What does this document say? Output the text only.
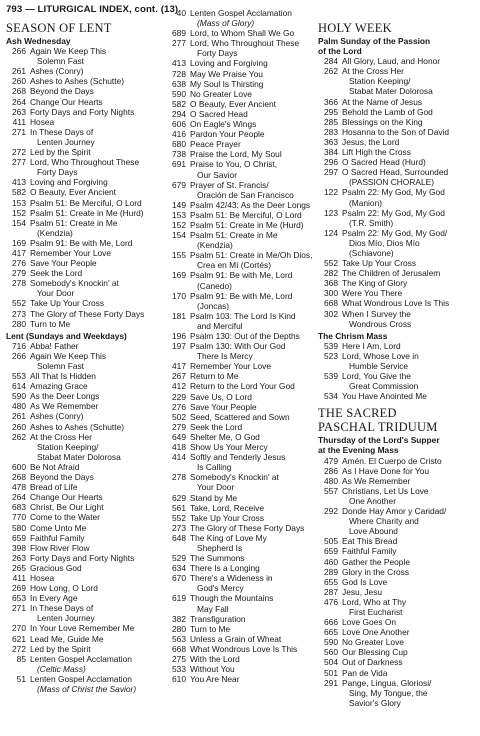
793 — LITURGICAL INDEX, cont. (13)
SEASON OF LENT
Ash Wednesday
266 Again We Keep This
Solemn Fast
261 Ashes (Conry)
260 Ashes to Ashes (Schutte)
268 Beyond the Days
264 Change Our Hearts
263 Forty Days and Forty Nights
411 Hosea
271 In These Days of
Lenten Journey
272 Led by the Spirit
277 Lord, Who Throughout These
Forty Days
413 Loving and Forgiving
582 O Beauty, Ever Ancient
153 Psalm 51: Be Merciful, O Lord
152 Psalm 51: Create in Me (Hurd)
154 Psalm 51: Create in Me
(Kendzia)
169 Psalm 91: Be with Me, Lord
417 Remember Your Love
276 Save Your People
279 Seek the Lord
278 Somebody's Knockin' at
Your Door
552 Take Up Your Cross
273 The Glory of These Forty Days
280 Turn to Me
Lent (Sundays and Weekdays)
716 Abba! Father
266 Again We Keep This
Solemn Fast
553 All That Is Hidden
614 Amazing Grace
590 As the Deer Longs
480 As We Remember
261 Ashes (Conry)
260 Ashes to Ashes (Schutte)
262 At the Cross Her
Station Keeping/
Stabat Mater Dolorosa
600 Be Not Afraid
268 Beyond the Days
478 Bread of Life
264 Change Our Hearts
683 Christ, Be Our Light
770 Come to the Water
580 Come Unto Me
659 Faithful Family
398 Flow River Flow
263 Forty Days and Forty Nights
265 Gracious God
411 Hosea
269 How Long, O Lord
653 In Every Age
271 In These Days of
Lenten Journey
270 In Your Love Remember Me
621 Lead Me, Guide Me
272 Led by the Spirit
85 Lenten Gospel Acclamation
(Celtic Mass)
51 Lenten Gospel Acclamation
(Mass of Christ the Savior)
40 Lenten Gospel Acclamation
(Mass of Glory)
689 Lord, to Whom Shall We Go
277 Lord, Who Throughout These
Forty Days
413 Loving and Forgiving
728 May We Praise You
638 My Soul Is Thirsting
590 No Greater Love
582 O Beauty, Ever Ancient
294 O Sacred Head
606 On Eagle's Wings
416 Pardon Your People
680 Peace Prayer
738 Praise the Lord, My Soul
691 Praise to You, O Christ,
Our Savior
679 Prayer of St. Francis/
Oración de San Francisco
149 Psalm 42/43: As the Deer Longs
153 Psalm 51: Be Merciful, O Lord
152 Psalm 51: Create in Me (Hurd)
154 Psalm 51: Create in Me
(Kendzia)
155 Psalm 51: Create in Me/Oh Dios,
Crea en Mí (Cortés)
169 Psalm 91: Be with Me, Lord
(Canedo)
170 Psalm 91: Be with Me, Lord
(Joncas)
181 Psalm 103: The Lord Is Kind
and Merciful
196 Psalm 130: Out of the Depths
197 Psalm 130: With Our God
There Is Mercy
417 Remember Your Love
267 Return to Me
412 Return to the Lord Your God
229 Save Us, O Lord
276 Save Your People
502 Seed, Scattered and Sown
279 Seek the Lord
649 Shelter Me, O God
418 Show Us Your Mercy
414 Softly and Tenderly Jesus
Is Calling
278 Somebody's Knockin' at
Your Door
629 Stand by Me
561 Take, Lord, Receive
552 Take Up Your Cross
273 The Glory of These Forty Days
648 The King of Love My
Shepherd Is
529 The Summons
634 There Is a Longing
670 There's a Wideness in
God's Mercy
619 Though the Mountains
May Fall
382 Transfiguration
280 Turn to Me
563 Unless a Grain of Wheat
668 What Wondrous Love Is This
275 With the Lord
533 Without You
610 You Are Near
HOLY WEEK
Palm Sunday of the Passion
of the Lord
284 All Glory, Laud, and Honor
262 At the Cross Her
Station Keeping/
Stabat Mater Dolorosa
366 At the Name of Jesus
295 Behold the Lamb of God
285 Blessings on the King
283 Hosanna to the Son of David
363 Jesus, the Lord
384 Lift High the Cross
296 O Sacred Head (Hurd)
297 O Sacred Head, Surrounded
(PASSION CHORALE)
122 Psalm 22: My God, My God
(Manion)
123 Psalm 22: My God, My God
(T.R. Smith)
124 Psalm 22: My God, My God/
Dios Mío, Dios Mío
(Schiavone)
552 Take Up Your Cross
282 The Children of Jerusalem
368 The King of Glory
300 Were You There
668 What Wondrous Love Is This
302 When I Survey the
Wondrous Cross
The Chrism Mass
539 Here I Am, Lord
523 Lord, Whose Love in
Humble Service
539 Lord, You Give the
Great Commission
534 You Have Anointed Me
THE SACRED
PASCHAL TRIDUUM
Thursday of the Lord's Supper
at the Evening Mass
479 Amén. El Cuerpo de Cristo
286 As I Have Done for You
480 As We Remember
557 Christians, Let Us Love
One Another
292 Donde Hay Amor y Caridad/
Where Charity and
Love Abound
505 Eat This Bread
659 Faithful Family
460 Gather the People
289 Glory in the Cross
655 God Is Love
287 Jesu, Jesu
476 Lord, Who at Thy
First Eucharist
666 Love Goes On
665 Love One Another
590 No Greater Love
560 Our Blessing Cup
504 Out of Darkness
501 Pan de Vida
291 Pange, Lingua, Gloriosi/
Sing, My Tongue, the
Savior's Glory
